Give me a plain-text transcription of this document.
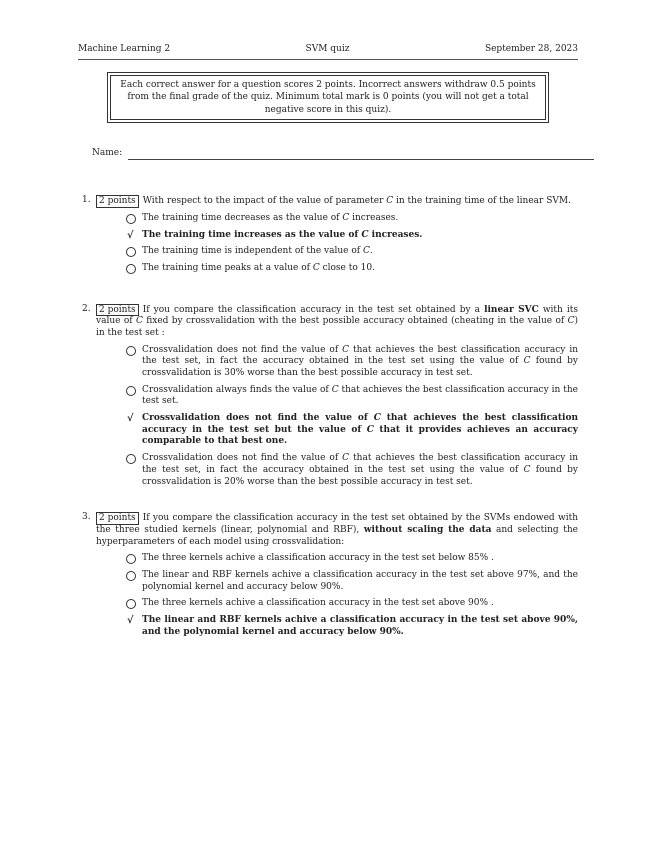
Machine Learning 2	SVM quiz	September 28, 2023
Each correct answer for a question scores 2 points. Incorrect answers withdraw 0.5 points from the final grade of the quiz. Minimum total mark is 0 points (you will not get a total negative score in this quiz).
Name:
1. 2 points With respect to the impact of the value of parameter C in the training time of the linear SVM.
The training time decreases as the value of C increases.
√ The training time increases as the value of C increases.
The training time is independent of the value of C.
The training time peaks at a value of C close to 10.
2. 2 points If you compare the classification accuracy in the test set obtained by a linear SVC with its value of C fixed by crossvalidation with the best possible accuracy obtained (cheating in the value of C) in the test set :
Crossvalidation does not find the value of C that achieves the best classification accuracy in the test set, in fact the accuracy obtained in the test set using the value of C found by crossvalidation is 30% worse than the best possible accuracy in test set.
Crossvalidation always finds the value of C that achieves the best classification accuracy in the test set.
√ Crossvalidation does not find the value of C that achieves the best classification accuracy in the test set but the value of C that it provides achieves an accuracy comparable to that best one.
Crossvalidation does not find the value of C that achieves the best classification accuracy in the test set, in fact the accuracy obtained in the test set using the value of C found by crossvalidation is 20% worse than the best possible accuracy in test set.
3. 2 points If you compare the classification accuracy in the test set obtained by the SVMs endowed with the three studied kernels (linear, polynomial and RBF), without scaling the data and selecting the hyperparameters of each model using crossvalidation:
The three kernels achive a classification accuracy in the test set below 85% .
The linear and RBF kernels achive a classification accuracy in the test set above 97%, and the polynomial kernel and accuracy below 90%.
The three kernels achive a classification accuracy in the test set above 90% .
√ The linear and RBF kernels achive a classification accuracy in the test set above 90%, and the polynomial kernel and accuracy below 90%.
